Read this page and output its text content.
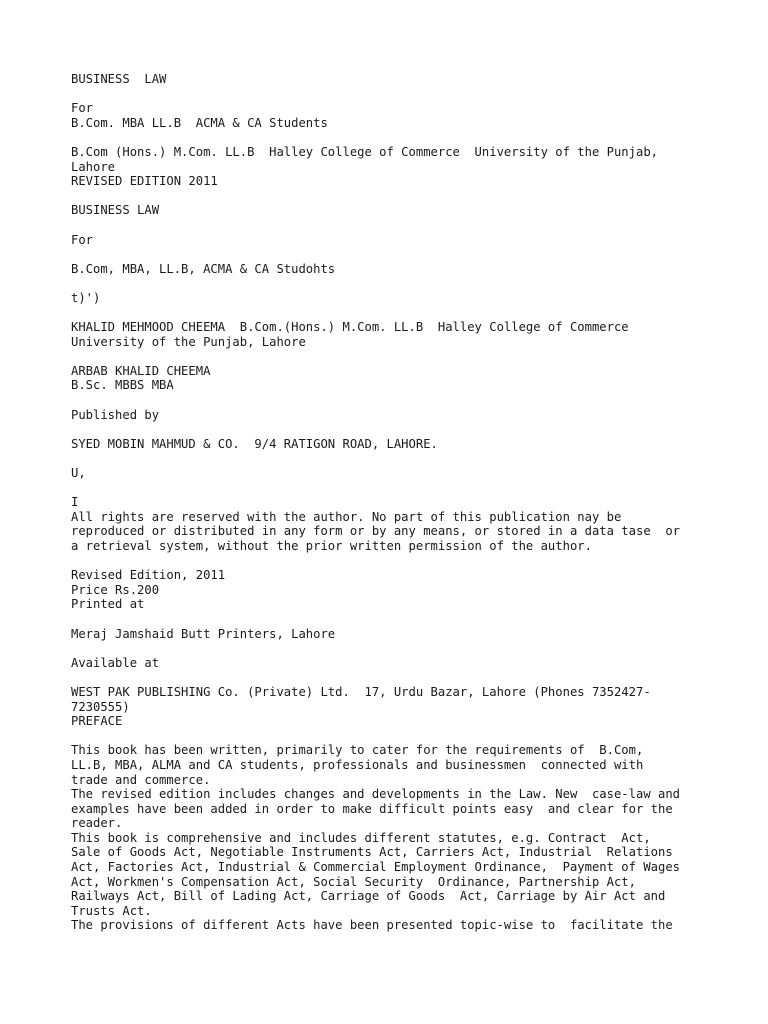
BUSINESS  LAW
For
B.Com. MBA LL.B  ACMA & CA Students
B.Com (Hons.) M.Com. LL.B  Halley College of Commerce  University of the Punjab,
Lahore
REVISED EDITION 2011
BUSINESS LAW
For
B.Com, MBA, LL.B, ACMA & CA Studohts
t)')
KHALID MEHMOOD CHEEMA  B.Com.(Hons.) M.Com. LL.B  Halley College of Commerce
University of the Punjab, Lahore
ARBAB KHALID CHEEMA
B.Sc. MBBS MBA
Published by
SYED MOBIN MAHMUD & CO.  9/4 RATIGON ROAD, LAHORE.
U,
I
All rights are reserved with the author. No part of this publication nay be
reproduced or distributed in any form or by any means, or stored in a data tase  or
a retrieval system, without the prior written permission of the author.
Revised Edition, 2011
Price Rs.200
Printed at
Meraj Jamshaid Butt Printers, Lahore
Available at
WEST PAK PUBLISHING Co. (Private) Ltd.  17, Urdu Bazar, Lahore (Phones 7352427-
7230555)
PREFACE
This book has been written, primarily to cater for the requirements of  B.Com,
LL.B, MBA, ALMA and CA students, professionals and businessmen  connected with
trade and commerce.
The revised edition includes changes and developments in the Law. New  case-law and
examples have been added in order to make difficult points easy  and clear for the
reader.
This book is comprehensive and includes different statutes, e.g. Contract  Act,
Sale of Goods Act, Negotiable Instruments Act, Carriers Act, Industrial  Relations
Act, Factories Act, Industrial & Commercial Employment Ordinance,  Payment of Wages
Act, Workmen's Compensation Act, Social Security  Ordinance, Partnership Act,
Railways Act, Bill of Lading Act, Carriage of Goods  Act, Carriage by Air Act and
Trusts Act.
The provisions of different Acts have been presented topic-wise to  facilitate the
